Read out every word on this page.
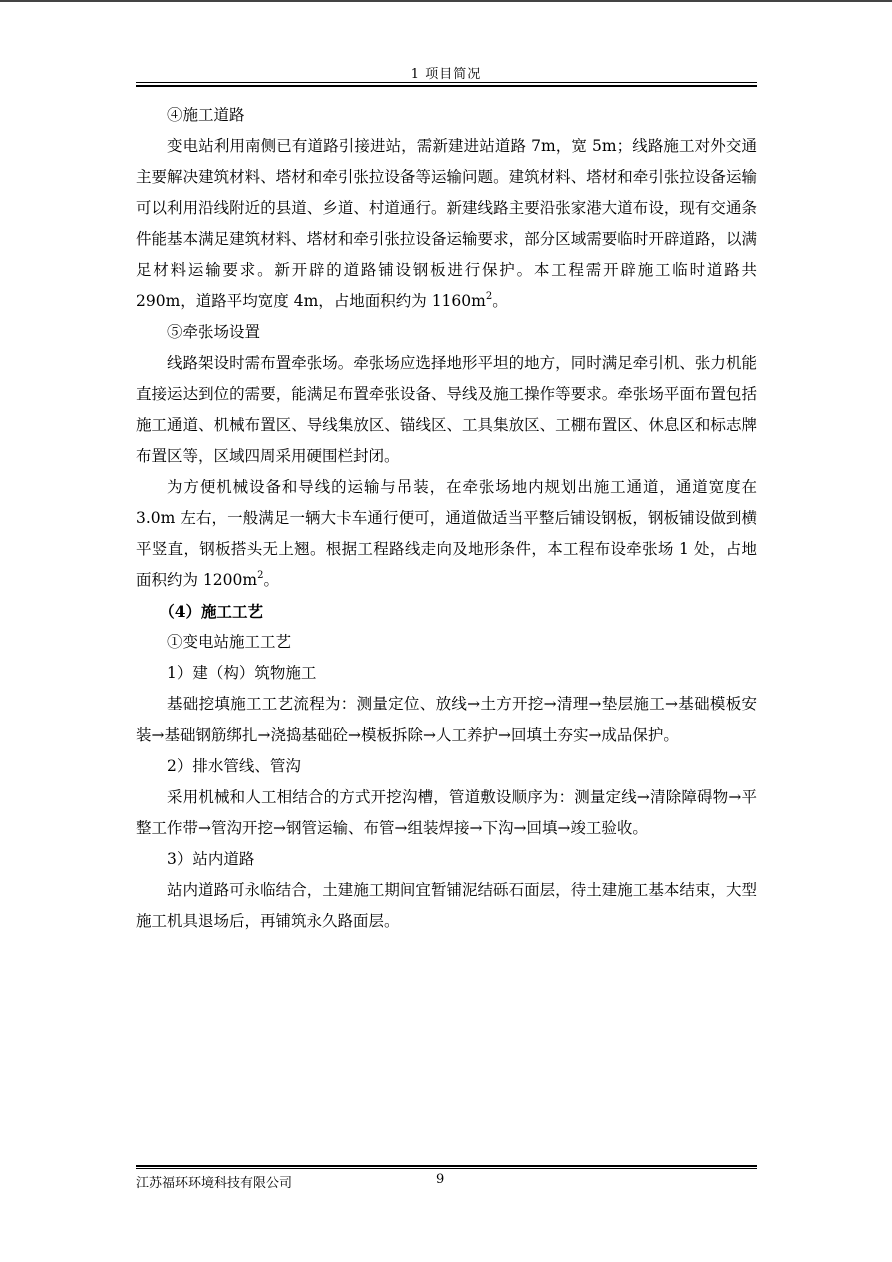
1 项目简况

④施工道路

变电站利用南侧已有道路引接进站，需新建进站道路 7m，宽 5m；线路施工对外交通主要解决建筑材料、塔材和牵引张拉设备等运输问题。建筑材料、塔材和牵引张拉设备运输可以利用沿线附近的县道、乡道、村道通行。新建线路主要沿张家港大道布设，现有交通条件能基本满足建筑材料、塔材和牵引张拉设备运输要求，部分区域需要临时开辟道路，以满足材料运输要求。新开辟的道路铺设钢板进行保护。本工程需开辟施工临时道路共 290m，道路平均宽度 4m，占地面积约为 $1160m^2$。

⑤牵张场设置

线路架设时需布置牵张场。牵张场应选择地形平坦的地方，同时满足牵引机、张力机能直接运达到位的需要，能满足布置牵张设备、导线及施工操作等要求。牵张场平面布置包括施工通道、机械布置区、导线集放区、锚线区、工具集放区、工棚布置区、休息区和标志牌布置区等，区域四周采用硬围栏封闭。

为方便机械设备和导线的运输与吊装，在牵张场地内规划出施工通道，通道宽度在 3.0m 左右，一般满足一辆大卡车通行便可，通道做适当平整后铺设钢板，钢板铺设做到横平竖直，钢板搭头无上翘。根据工程路线走向及地形条件，本工程布设牵张场 1 处，占地面积约为 $1200m^2$。

（4）施工工艺

①变电站施工工艺

1）建（构）筑物施工

基础挖填施工工艺流程为：测量定位、放线→土方开挖→清理→垫层施工→基础模板安装→基础钢筋绑扎→浇捣基础砼→模板拆除→人工养护→回填土夯实→成品保护。

2）排水管线、管沟

采用机械和人工相结合的方式开挖沟槽，管道敷设顺序为：测量定线→清除障碍物→平整工作带→管沟开挖→钢管运输、布管→组装焊接→下沟→回填→竣工验收。

3）站内道路

站内道路可永临结合，土建施工期间宜暂铺泥结砾石面层，待土建施工基本结束，大型施工机具退场后，再铺筑永久路面层。

江苏福环环境科技有限公司	9
